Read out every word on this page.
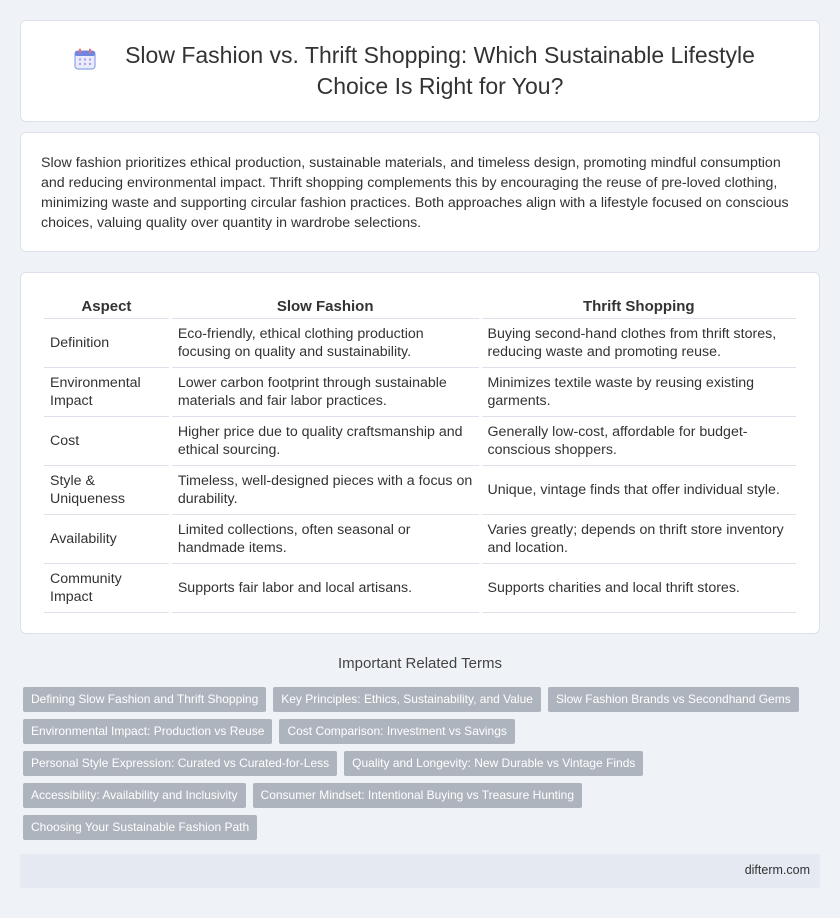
Slow Fashion vs. Thrift Shopping: Which Sustainable Lifestyle Choice Is Right for You?

Slow fashion prioritizes ethical production, sustainable materials, and timeless design, promoting mindful consumption and reducing environmental impact. Thrift shopping complements this by encouraging the reuse of pre-loved clothing, minimizing waste and supporting circular fashion practices. Both approaches align with a lifestyle focused on conscious choices, valuing quality over quantity in wardrobe selections.

Aspect	Slow Fashion	Thrift Shopping
Definition	Eco-friendly, ethical clothing production focusing on quality and sustainability.	Buying second-hand clothes from thrift stores, reducing waste and promoting reuse.
Environmental Impact	Lower carbon footprint through sustainable materials and fair labor practices.	Minimizes textile waste by reusing existing garments.
Cost	Higher price due to quality craftsmanship and ethical sourcing.	Generally low-cost, affordable for budget-conscious shoppers.
Style & Uniqueness	Timeless, well-designed pieces with a focus on durability.	Unique, vintage finds that offer individual style.
Availability	Limited collections, often seasonal or handmade items.	Varies greatly; depends on thrift store inventory and location.
Community Impact	Supports fair labor and local artisans.	Supports charities and local thrift stores.
Important Related Terms
Defining Slow Fashion and Thrift Shopping	Key Principles: Ethics, Sustainability, and Value	Slow Fashion Brands vs Secondhand Gems
Environmental Impact: Production vs Reuse	Cost Comparison: Investment vs Savings
Personal Style Expression: Curated vs Curated-for-Less	Quality and Longevity: New Durable vs Vintage Finds
Accessibility: Availability and Inclusivity	Consumer Mindset: Intentional Buying vs Treasure Hunting
Choosing Your Sustainable Fashion Path
difterm.com
